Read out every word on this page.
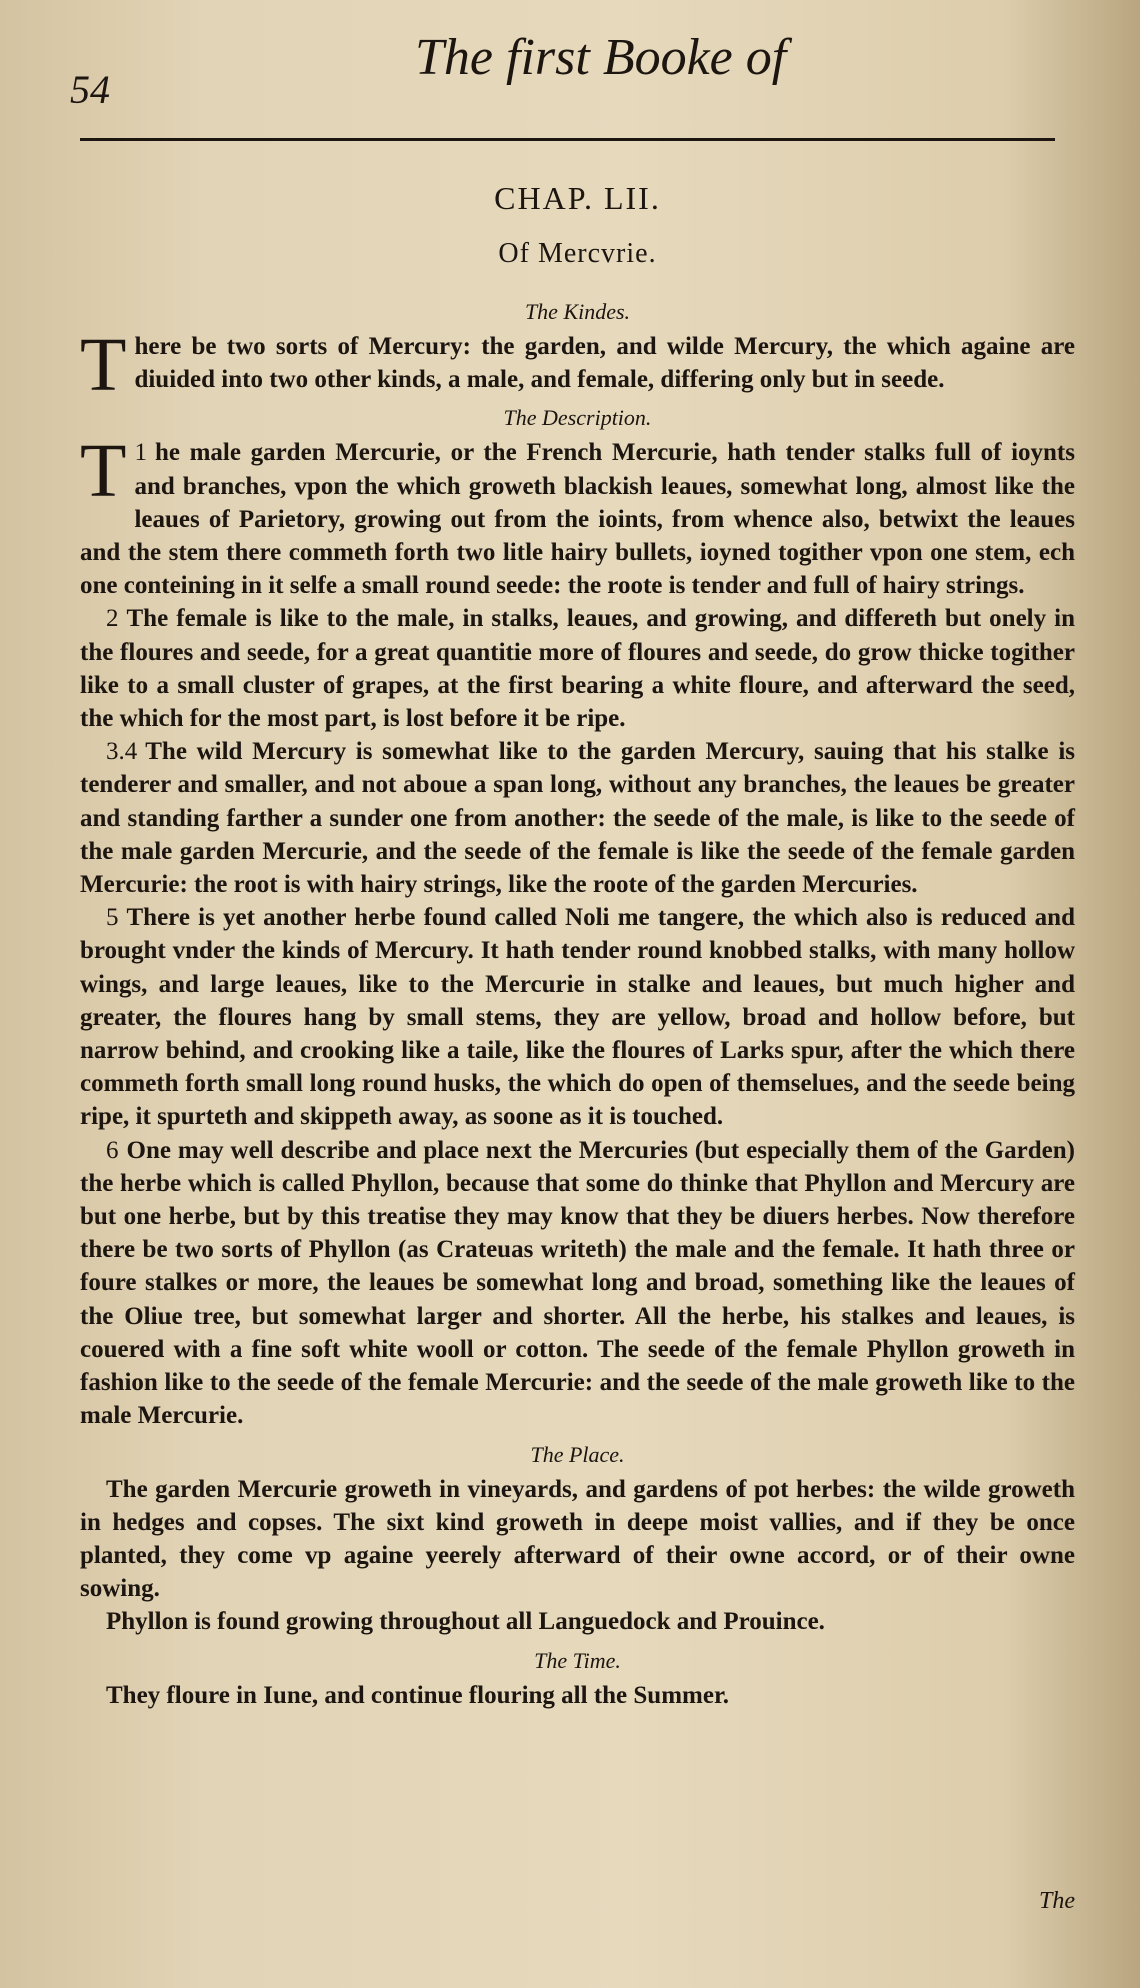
54
The first Booke of
CHAP. LII.
Of Mercvrie.
The Kindes.

There be two sorts of Mercury: the garden, and wilde Mercury, the which againe are diuided into two other kinds, a male, and female, differing only but in seede.

The Description.

1
T he male garden Mercurie, or the French Mercurie, hath tender stalks full of ioynts and branches, vpon the which groweth blackish leaues, somewhat long, almost like the leaues of Parietory, growing out from the ioints, from whence also, betwixt the leaues and the stem there commeth forth two litle hairy bullets, ioyned togither vpon one stem, ech one conteining in it selfe a small round seede: the roote is tender and full of hairy strings.

2 The female is like to the male, in stalks, leaues, and growing, and differeth but onely in the floures and seede, for a great quantitie more of floures and seede, do grow thicke togither like to a small cluster of grapes, at the first bearing a white floure, and afterward the seed, the which for the most part, is lost before it be ripe.

3.4 The wild Mercury is somewhat like to the garden Mercury, sauing that his stalke is tenderer and smaller, and not aboue a span long, without any branches, the leaues be greater and standing farther a sunder one from another: the seede of the male, is like to the seede of the male garden Mercurie, and the seede of the female is like the seede of the female garden Mercurie: the root is with hairy strings, like the roote of the garden Mercuries.

5 There is yet another herbe found called Noli me tangere, the which also is reduced and brought vnder the kinds of Mercury. It hath tender round knobbed stalks, with many hollow wings, and large leaues, like to the Mercurie in stalke and leaues, but much higher and greater, the floures hang by small stems, they are yellow, broad and hollow before, but narrow behind, and crooking like a taile, like the floures of Larks spur, after the which there commeth forth small long round husks, the which do open of themselues, and the seede being ripe, it spurteth and skippeth away, as soone as it is touched.

6 One may well describe and place next the Mercuries (but especially them of the Garden) the herbe which is called Phyllon, because that some do thinke that Phyllon and Mercury are but one herbe, but by this treatise they may know that they be diuers herbes. Now therefore there be two sorts of Phyllon (as Crateuas writeth) the male and the female. It hath three or foure stalkes or more, the leaues be somewhat long and broad, something like the leaues of the Oliue tree, but somewhat larger and shorter. All the herbe, his stalkes and leaues, is couered with a fine soft white wooll or cotton. The seede of the female Phyllon groweth in fashion like to the seede of the female Mercurie: and the seede of the male groweth like to the male Mercurie.

The Place.

The garden Mercurie groweth in vineyards, and gardens of pot herbes: the wilde groweth in hedges and copses. The sixt kind groweth in deepe moist vallies, and if they be once planted, they come vp againe yeerely afterward of their owne accord, or of their owne sowing.

Phyllon is found growing throughout all Languedock and Prouince.

The Time.

They floure in Iune, and continue flouring all the Summer.

The
